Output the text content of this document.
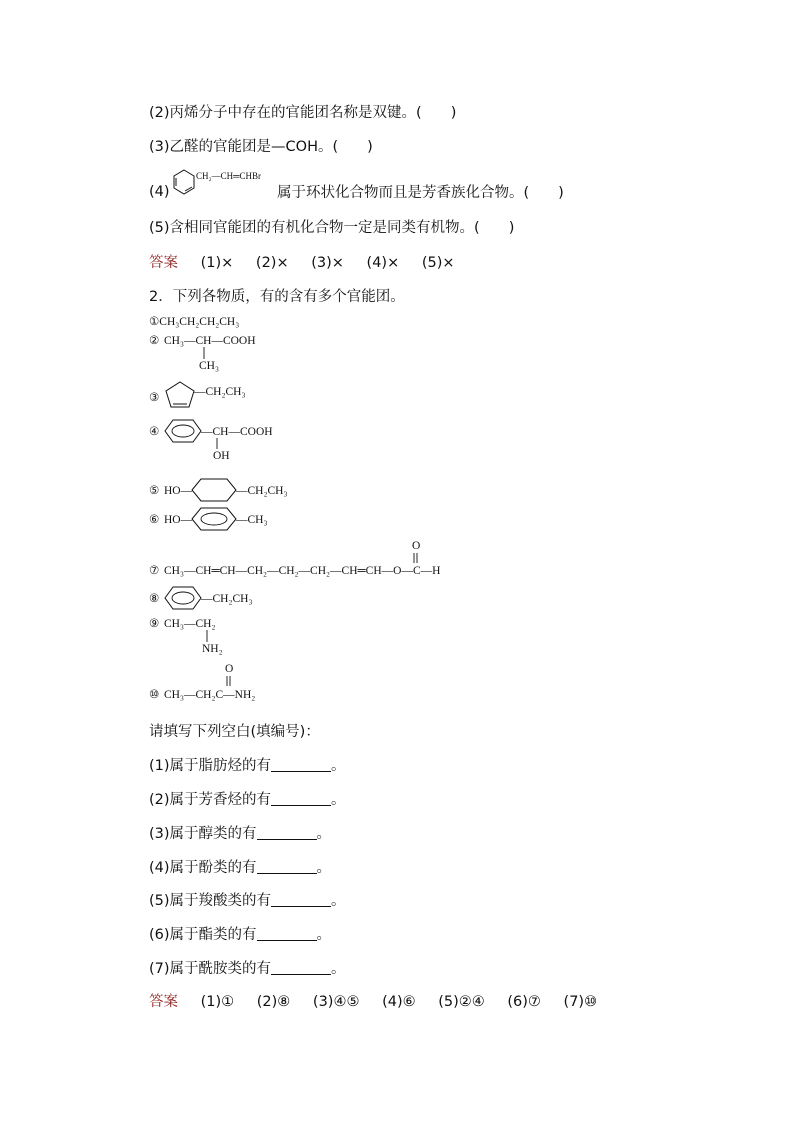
(2)丙烯分子中存在的官能团名称是双键。(　　)
(3)乙醛的官能团是—COH。(　　)
(4)
CH₂—CH═CHBr
属于环状化合物而且是芳香族化合物。(　　)
(5)含相同官能团的有机化合物一定是同类有机物。(　　)
答案 (1)× (2)× (3)× (4)× (5)×
2．下列各物质，有的含有多个官能团。
①CH₃CH₂CH₂CH₃
② CH₃—CH—COOH
CH₃
③	—CH₂CH₃
④	—CH—COOH
OH
⑤ HO—	—CH₂CH₃
⑥ HO—	—CH₃
O
⑦ CH₃—CH═CH—CH₂—CH₂—CH₂—CH═CH—O—C—H
⑧	—CH₂CH₃
⑨ CH₃—CH₂
NH₂
O
⑩ CH₃—CH₂C—NH₂
请填写下列空白(填编号)：
(1)属于脂肪烃的有	。
(2)属于芳香烃的有	。
(3)属于醇类的有	。
(4)属于酚类的有	。
(5)属于羧酸类的有	。
(6)属于酯类的有	。
(7)属于酰胺类的有	。
答案 (1)① (2)⑧ (3)④⑤ (4)⑥ (5)②④ (6)⑦ (7)⑩
